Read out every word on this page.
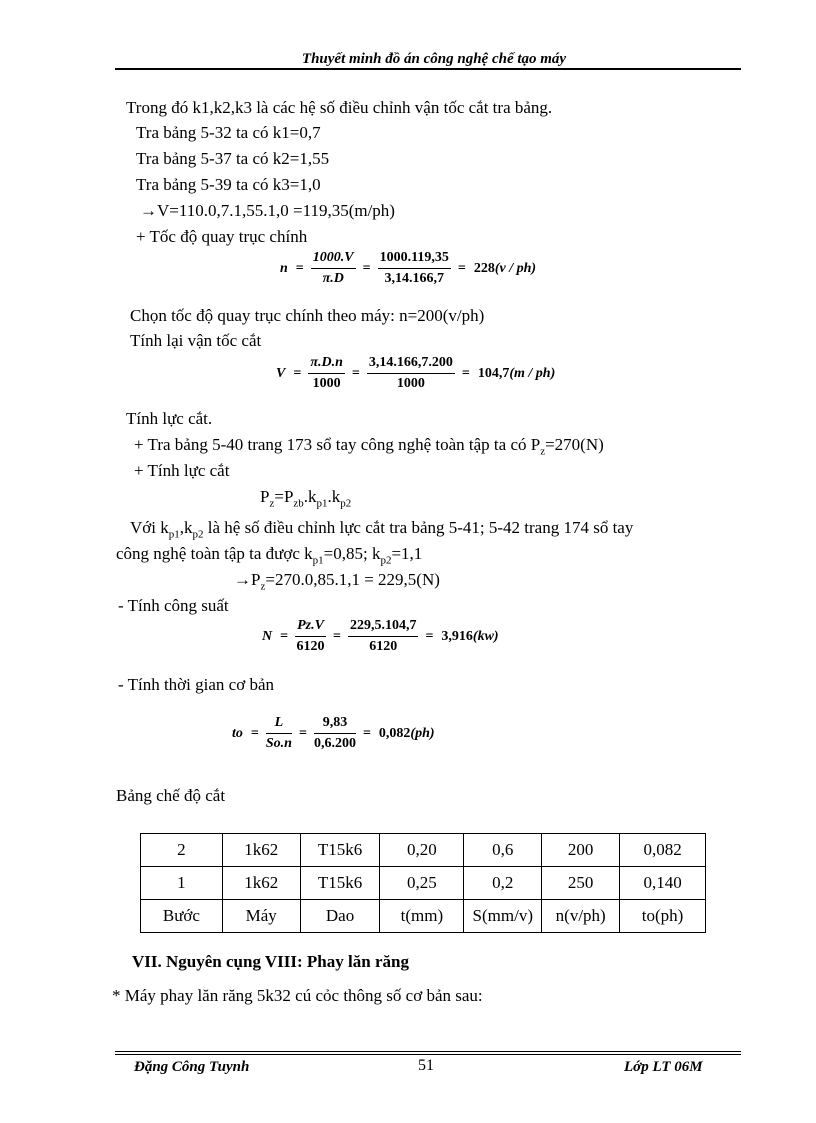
Thuyết minh đồ án công nghệ chế tạo máy
Trong đó k1,k2,k3 là các hệ số điều chỉnh vận tốc cắt tra bảng.
Tra bảng 5-32 ta có k1=0,7
Tra bảng 5-37 ta có k2=1,55
Tra bảng 5-39 ta có k3=1,0
→V=110.0,7.1,55.1,0 =119,35(m/ph)
+ Tốc độ quay trục chính
$n = \frac{1000.V}{\pi.D} = \frac{1000.119,35}{3,14.166,7} = 228(v / ph)$
Chọn tốc độ quay trục chính theo máy: n=200(v/ph)
Tính lại vận tốc cắt
$V = \frac{\pi.D.n}{1000} = \frac{3,14.166,7.200}{1000} = 104,7(m / ph)$
Tính lực cắt.
+ Tra bảng 5-40 trang 173 sổ tay công nghệ toàn tập ta có $P_z=270(N)$
+ Tính lực cắt
$P_z=P_{zb}.k_{p1}.k_{p2}$
Với $k_{p1},k_{p2}$ là hệ số điều chỉnh lực cắt tra bảng 5-41; 5-42 trang 174 sổ tay
công nghệ toàn tập ta được $k_{p1}=0,85$; $k_{p2}=1,1$
$\to P_z=270.0,85.1,1 = 229,5(N)$
- Tính công suất
$N = \frac{Pz.V}{6120} = \frac{229,5.104,7}{6120} = 3,916(kw)$
- Tính thời gian cơ bản
to = $\frac{L}{So.n} = \frac{9,83}{0,6.200} = 0,082(ph)$
Bảng chế độ cắt
2	1k62	T15k6	0,20	0,6	200	0,082
1	1k62	T15k6	0,25	0,2	250	0,140
Bước	Máy	Dao	t(mm)	S(mm/v)	n(v/ph)	to(ph)
VII. Nguyên cụng VIII: Phay lăn răng
* Máy phay lăn răng 5k32 cú cỏc thông số cơ bản sau:
Đặng Công Tuynh	51	Lớp LT 06M
